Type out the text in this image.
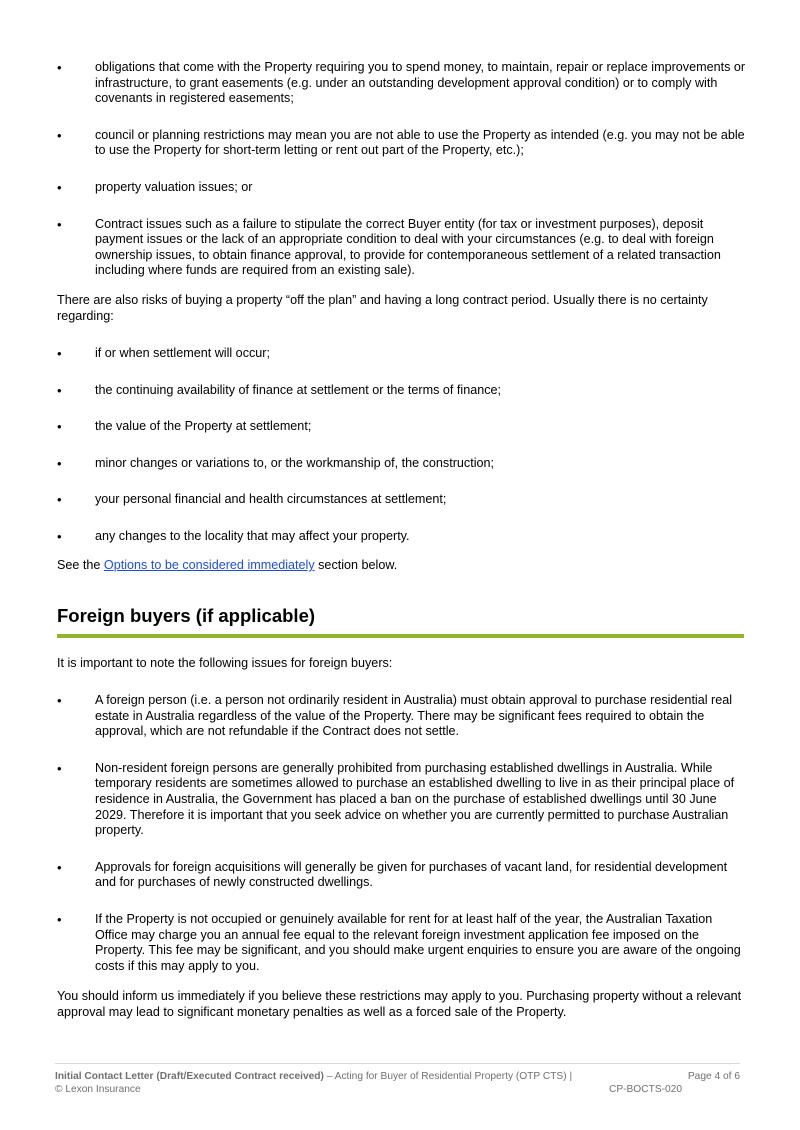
• obligations that come with the Property requiring you to spend money, to maintain, repair or replace improvements or infrastructure, to grant easements (e.g. under an outstanding development approval condition) or to comply with covenants in registered easements;
• council or planning restrictions may mean you are not able to use the Property as intended (e.g. you may not be able to use the Property for short-term letting or rent out part of the Property, etc.);
• property valuation issues; or
• Contract issues such as a failure to stipulate the correct Buyer entity (for tax or investment purposes), deposit payment issues or the lack of an appropriate condition to deal with your circumstances (e.g. to deal with foreign ownership issues, to obtain finance approval, to provide for contemporaneous settlement of a related transaction including where funds are required from an existing sale).

There are also risks of buying a property “off the plan” and having a long contract period. Usually there is no certainty regarding:

• if or when settlement will occur;
• the continuing availability of finance at settlement or the terms of finance;
• the value of the Property at settlement;
• minor changes or variations to, or the workmanship of, the construction;
• your personal financial and health circumstances at settlement;
• any changes to the locality that may affect your property.

See the Options to be considered immediately section below.

Foreign buyers (if applicable)

It is important to note the following issues for foreign buyers:

• A foreign person (i.e. a person not ordinarily resident in Australia) must obtain approval to purchase residential real estate in Australia regardless of the value of the Property. There may be significant fees required to obtain the approval, which are not refundable if the Contract does not settle.
• Non-resident foreign persons are generally prohibited from purchasing established dwellings in Australia. While temporary residents are sometimes allowed to purchase an established dwelling to live in as their principal place of residence in Australia, the Government has placed a ban on the purchase of established dwellings until 30 June 2029. Therefore it is important that you seek advice on whether you are currently permitted to purchase Australian property.
• Approvals for foreign acquisitions will generally be given for purchases of vacant land, for residential development and for purchases of newly constructed dwellings.
• If the Property is not occupied or genuinely available for rent for at least half of the year, the Australian Taxation Office may charge you an annual fee equal to the relevant foreign investment application fee imposed on the Property. This fee may be significant, and you should make urgent enquiries to ensure you are aware of the ongoing costs if this may apply to you.

You should inform us immediately if you believe these restrictions may apply to you. Purchasing property without a relevant approval may lead to significant monetary penalties as well as a forced sale of the Property.

Initial Contact Letter (Draft/Executed Contract received) – Acting for Buyer of Residential Property (OTP CTS) |	Page 4 of 6
© Lexon Insurance	CP-BOCTS-020
